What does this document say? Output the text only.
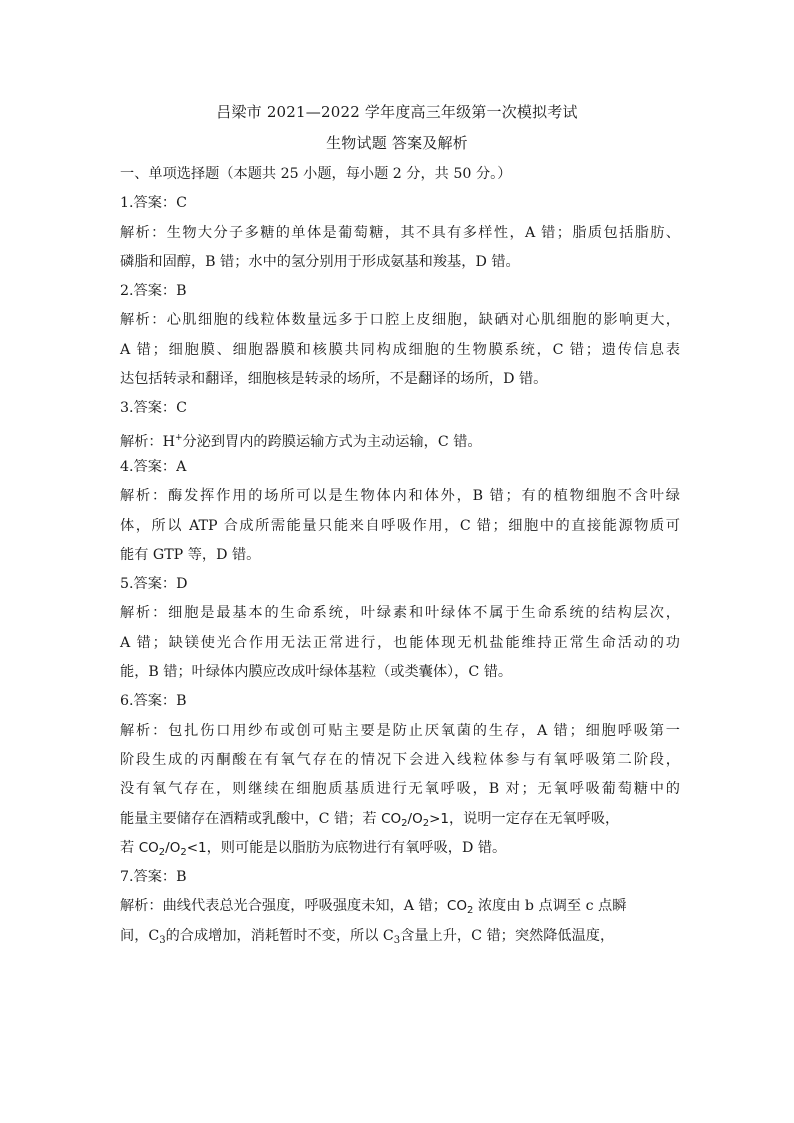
吕梁市 2021—2022 学年度高三年级第一次模拟考试
生物试题 答案及解析
一、单项选择题（本题共 25 小题，每小题 2 分，共 50 分。）
1.答案：C
解析：生物大分子多糖的单体是葡萄糖，其不具有多样性，A 错；脂质包括脂肪、
磷脂和固醇，B 错；水中的氢分别用于形成氨基和羧基，D 错。
2.答案：B
解析：心肌细胞的线粒体数量远多于口腔上皮细胞，缺硒对心肌细胞的影响更大，
A 错；细胞膜、细胞器膜和核膜共同构成细胞的生物膜系统，C 错；遗传信息表
达包括转录和翻译，细胞核是转录的场所，不是翻译的场所，D 错。
3.答案：C
解析：H+分泌到胃内的跨膜运输方式为主动运输，C 错。
4.答案：A
解析：酶发挥作用的场所可以是生物体内和体外，B 错；有的植物细胞不含叶绿
体，所以 ATP 合成所需能量只能来自呼吸作用，C 错；细胞中的直接能源物质可
能有 GTP 等，D 错。
5.答案：D
解析：细胞是最基本的生命系统，叶绿素和叶绿体不属于生命系统的结构层次，
A 错；缺镁使光合作用无法正常进行，也能体现无机盐能维持正常生命活动的功
能，B 错；叶绿体内膜应改成叶绿体基粒（或类囊体），C 错。
6.答案：B
解析：包扎伤口用纱布或创可贴主要是防止厌氧菌的生存，A 错；细胞呼吸第一
阶段生成的丙酮酸在有氧气存在的情况下会进入线粒体参与有氧呼吸第二阶段，
没有氧气存在，则继续在细胞质基质进行无氧呼吸，B 对；无氧呼吸葡萄糖中的
能量主要储存在酒精或乳酸中，C 错；若 $CO_2/O_2>1$，说明一定存在无氧呼吸，
若 $CO_2/O_2<1$，则可能是以脂肪为底物进行有氧呼吸，D 错。
7.答案：B
解析：曲线代表总光合强度，呼吸强度未知，A 错；$CO_2$ 浓度由 b 点调至 c 点瞬
间，$C_3$的合成增加，消耗暂时不变，所以 $C_3$含量上升，C 错；突然降低温度，
